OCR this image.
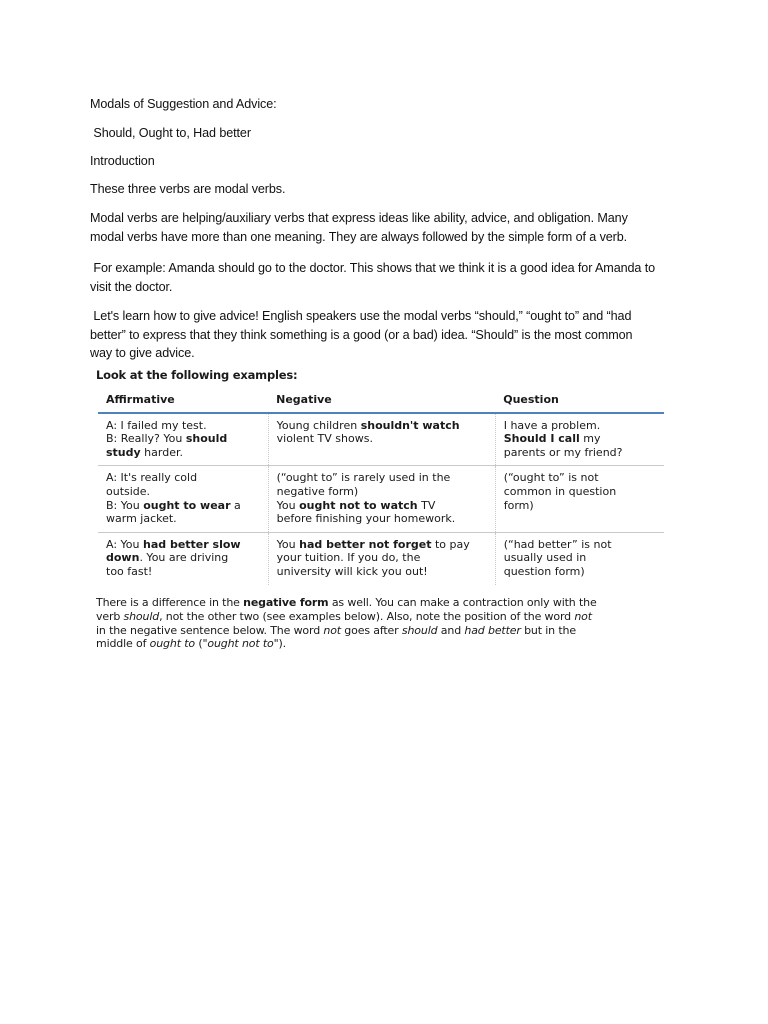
Modals of Suggestion and Advice:

Should, Ought to, Had better

Introduction

These three verbs are modal verbs.

Modal verbs are helping/auxiliary verbs that express ideas like ability, advice, and obligation. Many

modal verbs have more than one meaning. They are always followed by the simple form of a verb.

For example: Amanda should go to the doctor. This shows that we think it is a good idea for Amanda to

visit the doctor.

Let's learn how to give advice! English speakers use the modal verbs “should,” “ought to” and “had

better” to express that they think something is a good (or a bad) idea. “Should” is the most common

way to give advice.

Look at the following examples:
Affirmative	Negative	Question

A: I failed my test.
B: Really? You should
study harder.	Young children shouldn't watch
violent TV shows.	I have a problem.
Should I call my
parents or my friend?

A: It's really cold
outside.
B: You ought to wear a
warm jacket.	(“ought to” is rarely used in the
negative form)
You ought not to watch TV
before finishing your homework.	(“ought to” is not
common in question
form)

A: You had better slow
down. You are driving
too fast!	You had better not forget to pay
your tuition. If you do, the
university will kick you out!	(“had better” is not
usually used in
question form)
There is a difference in the negative form as well. You can make a contraction only with the
verb should, not the other two (see examples below). Also, note the position of the word not
in the negative sentence below. The word not goes after should and had better but in the
middle of ought to ("ought not to").
